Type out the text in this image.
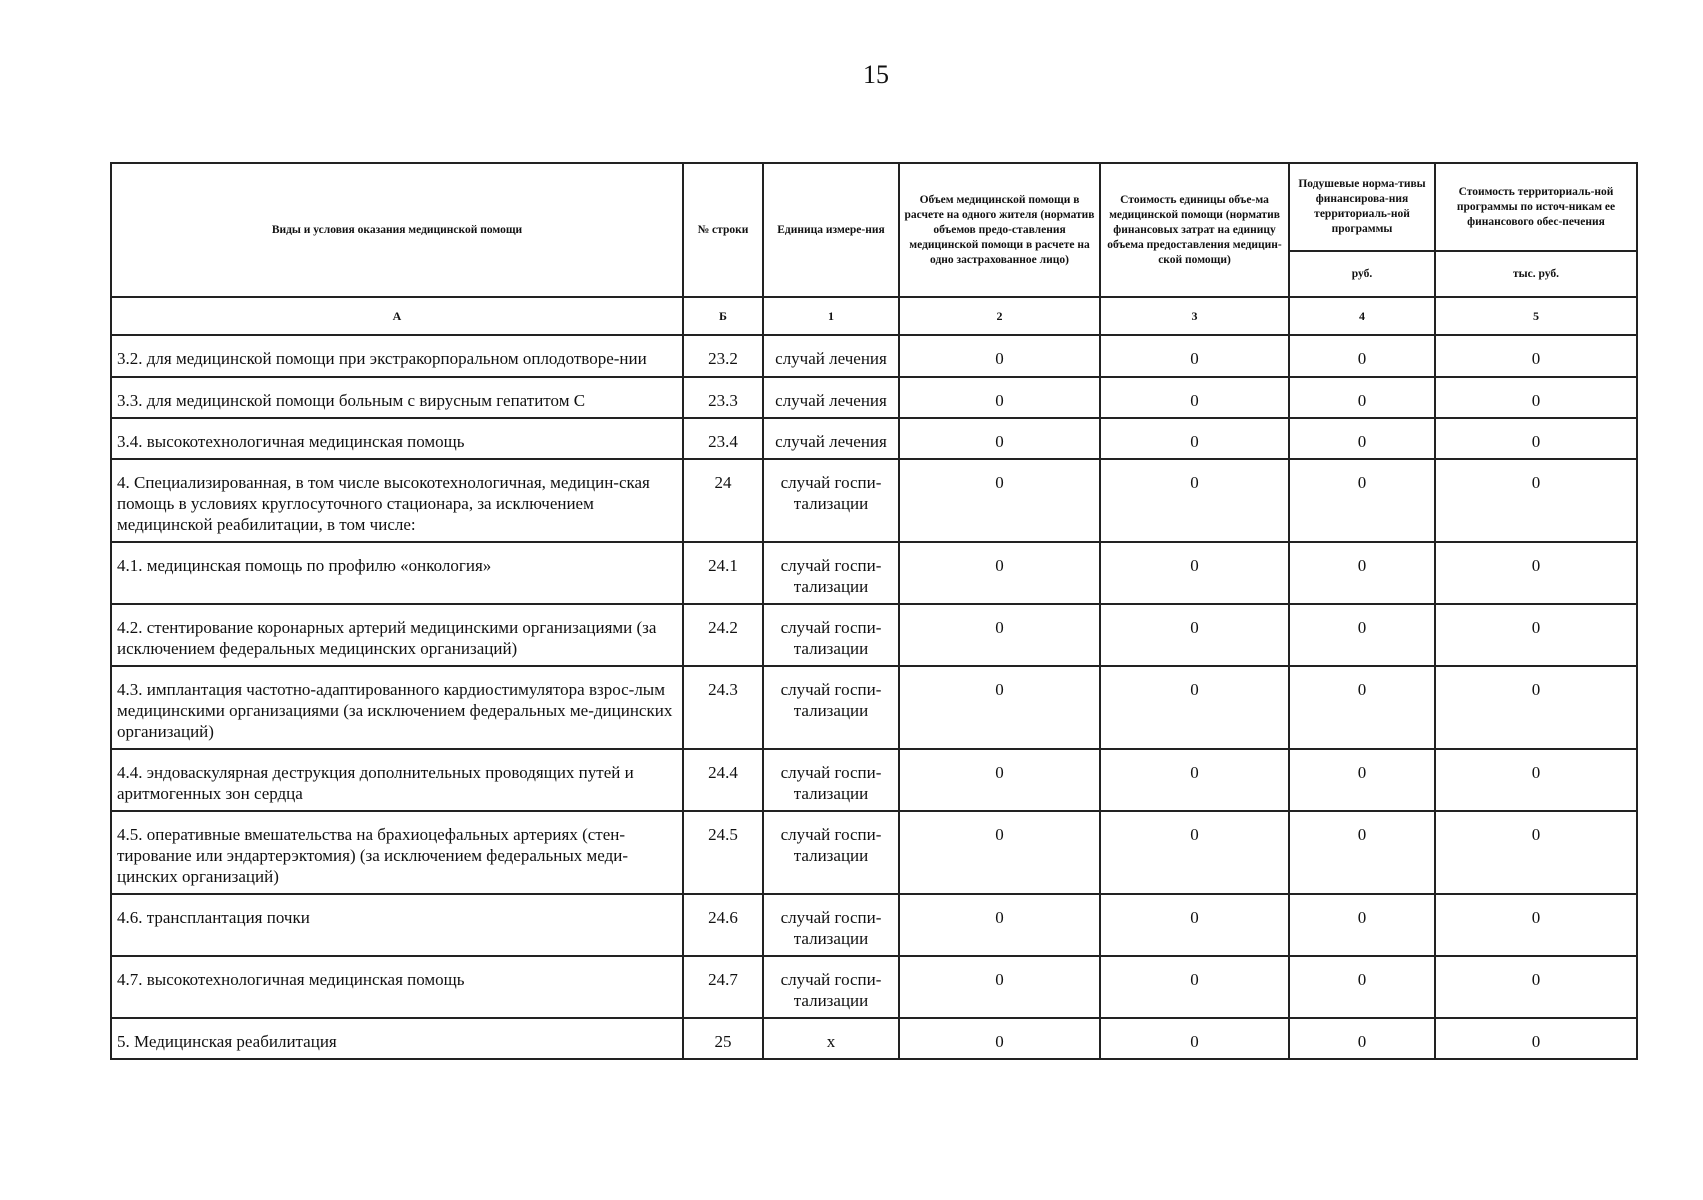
15
Виды и условия оказания медицинской помощи	№ строки	Единица измере-ния	Объем медицинской помощи в расчете на одного жителя (норматив объемов предо-ставления медицинской помощи в расчете на одно застрахованное лицо)	Стоимость единицы объе-ма медицинской помощи (норматив финансовых затрат на единицу объема предоставления медицин-ской помощи)	Подушевые норма-тивы финансирова-ния территориаль-ной программы	Стоимость территориаль-ной программы по источ-никам ее финансового обес-печения
					руб.	тыс. руб.
А	Б	1	2	3	4	5
3.2. для медицинской помощи при экстракорпоральном оплодотворе-нии	23.2	случай лечения	0	0	0	0
3.3. для медицинской помощи больным с вирусным гепатитом С	23.3	случай лечения	0	0	0	0
3.4. высокотехнологичная медицинская помощь	23.4	случай лечения	0	0	0	0
4. Специализированная, в том числе высокотехнологичная, медицин-ская помощь в условиях круглосуточного стационара, за исключением медицинской реабилитации, в том числе:	24	случай госпи-тализации	0	0	0	0
4.1. медицинская помощь по профилю «онкология»	24.1	случай госпи-тализации	0	0	0	0
4.2. стентирование коронарных артерий медицинскими организациями (за исключением федеральных медицинских организаций)	24.2	случай госпи-тализации	0	0	0	0
4.3. имплантация частотно-адаптированного кардиостимулятора взрос-лым медицинскими организациями (за исключением федеральных ме-дицинских организаций)	24.3	случай госпи-тализации	0	0	0	0
4.4. эндоваскулярная деструкция дополнительных проводящих путей и аритмогенных зон сердца	24.4	случай госпи-тализации	0	0	0	0
4.5. оперативные вмешательства на брахиоцефальных артериях (стен-тирование или эндартерэктомия) (за исключением федеральных меди-цинских организаций)	24.5	случай госпи-тализации	0	0	0	0
4.6. трансплантация почки	24.6	случай госпи-тализации	0	0	0	0
4.7. высокотехнологичная медицинская помощь	24.7	случай госпи-тализации	0	0	0	0
5. Медицинская реабилитация	25	х	0	0	0	0
